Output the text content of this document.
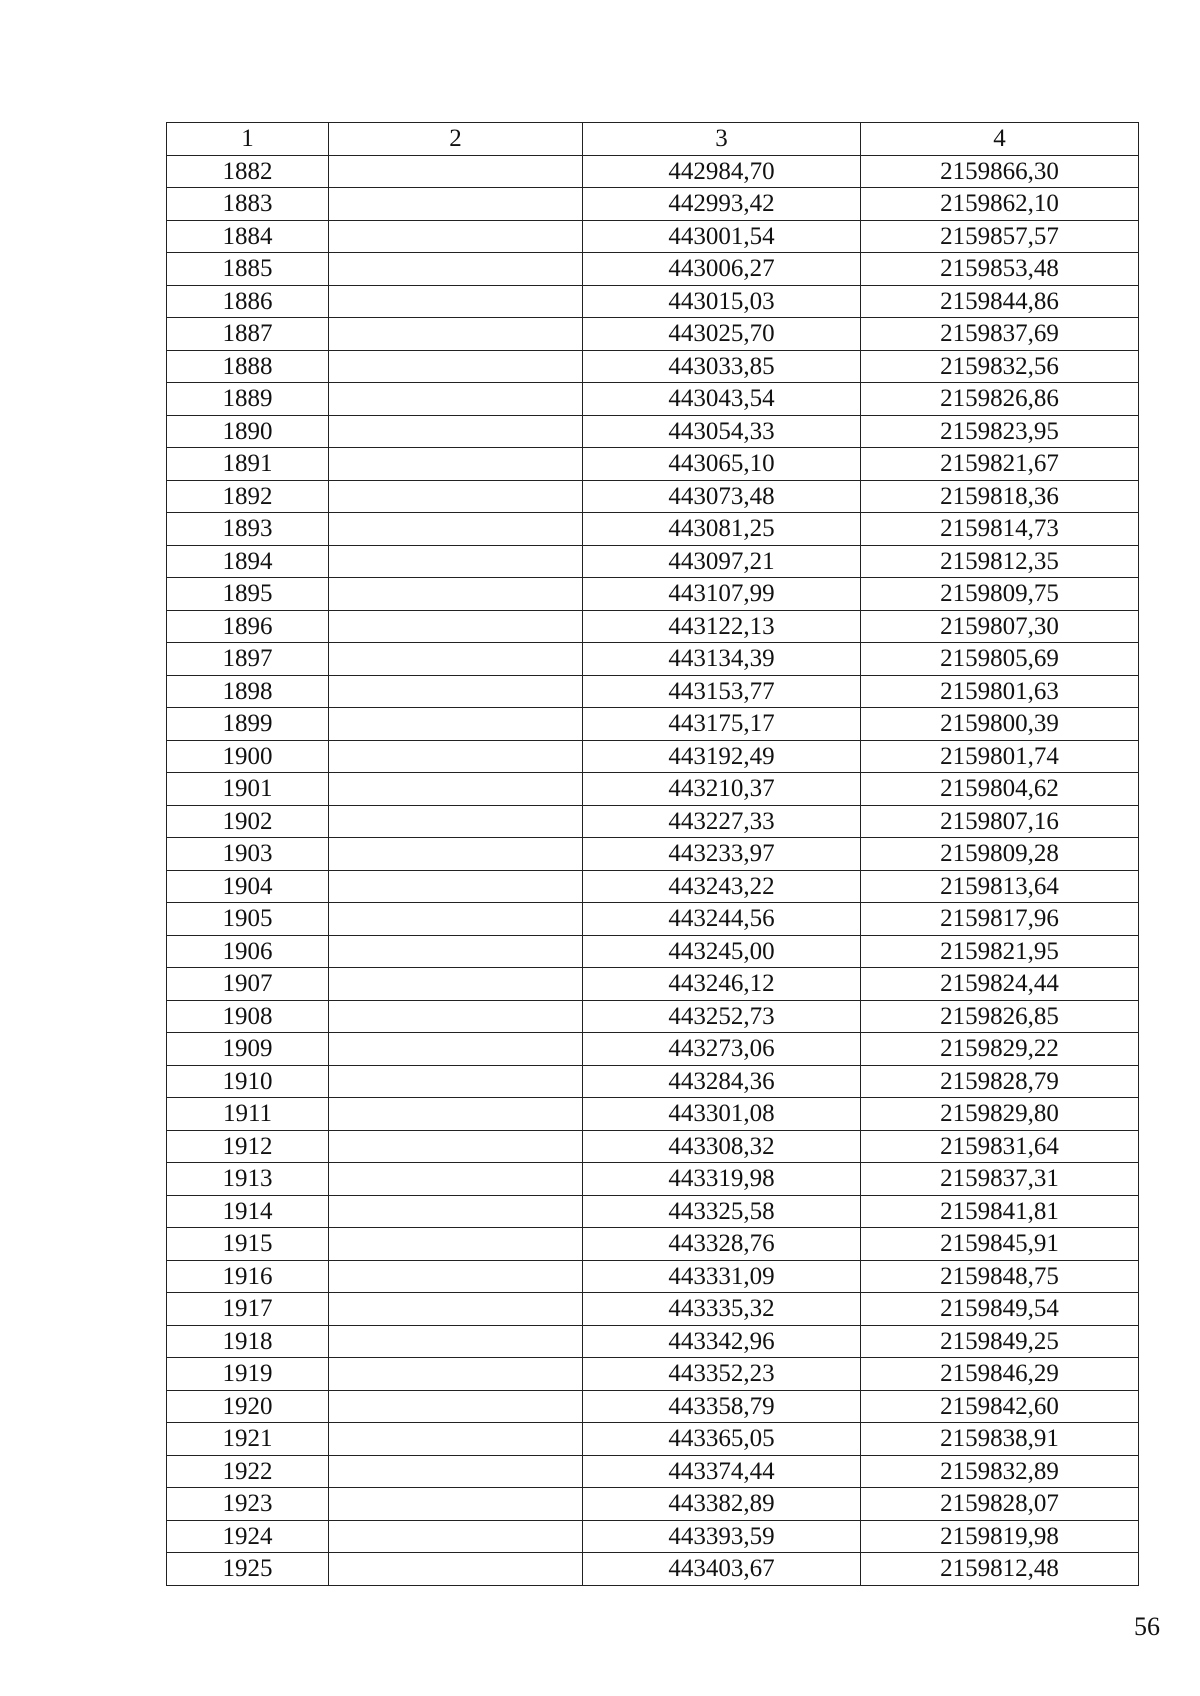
1	2	3	4
1882		442984,70	2159866,30
1883		442993,42	2159862,10
1884		443001,54	2159857,57
1885		443006,27	2159853,48
1886		443015,03	2159844,86
1887		443025,70	2159837,69
1888		443033,85	2159832,56
1889		443043,54	2159826,86
1890		443054,33	2159823,95
1891		443065,10	2159821,67
1892		443073,48	2159818,36
1893		443081,25	2159814,73
1894		443097,21	2159812,35
1895		443107,99	2159809,75
1896		443122,13	2159807,30
1897		443134,39	2159805,69
1898		443153,77	2159801,63
1899		443175,17	2159800,39
1900		443192,49	2159801,74
1901		443210,37	2159804,62
1902		443227,33	2159807,16
1903		443233,97	2159809,28
1904		443243,22	2159813,64
1905		443244,56	2159817,96
1906		443245,00	2159821,95
1907		443246,12	2159824,44
1908		443252,73	2159826,85
1909		443273,06	2159829,22
1910		443284,36	2159828,79
1911		443301,08	2159829,80
1912		443308,32	2159831,64
1913		443319,98	2159837,31
1914		443325,58	2159841,81
1915		443328,76	2159845,91
1916		443331,09	2159848,75
1917		443335,32	2159849,54
1918		443342,96	2159849,25
1919		443352,23	2159846,29
1920		443358,79	2159842,60
1921		443365,05	2159838,91
1922		443374,44	2159832,89
1923		443382,89	2159828,07
1924		443393,59	2159819,98
1925		443403,67	2159812,48
56
